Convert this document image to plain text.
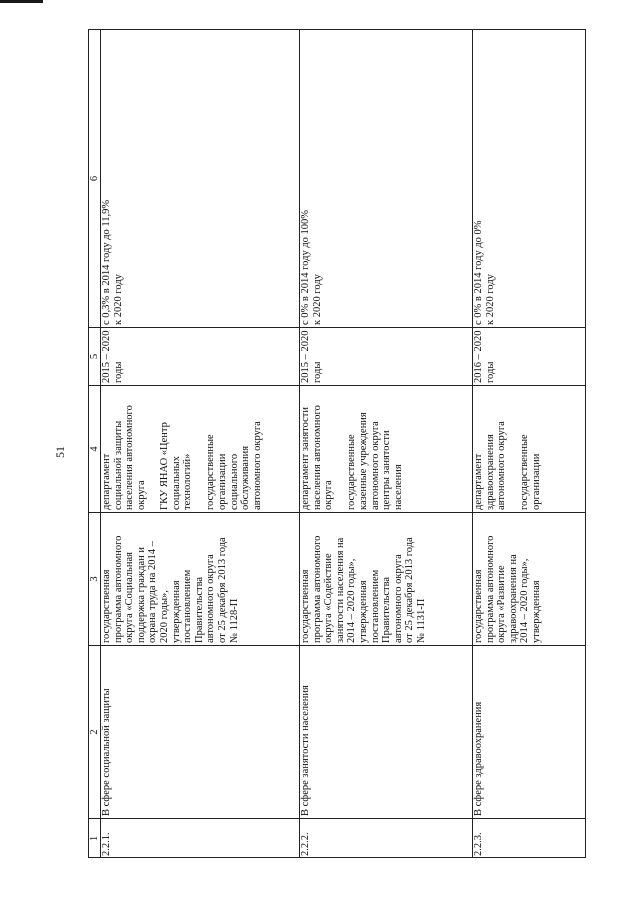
51
1
2
3
4
5
6
2.2.1.
В сфере социальной защиты
государственная программа автономного округа «Социальная поддержка граждан и охрана труда на 2014 – 2020 годы», утвержденная постановлением Правительства автономного округа от 25 декабря 2013 года № 1128-П
департамент социальной защиты населения автономного округа ГКУ ЯНАО «Центр социальных технологий» государственные организации социального обслуживания автономного округа
2015 – 2020 годы
с 0,3% в 2014 году до 11,9% к 2020 году
2.2.2.
В сфере занятости населения
государственная программа автономного округа «Содействие занятости населения на 2014 – 2020 годы», утвержденная постановлением Правительства автономного округа от 25 декабря 2013 года № 1131-П
департамент занятости населения автономного округа государственные казенные учреждения автономного округа центры занятости населения
2015 – 2020 годы
с 0% в 2014 году до 100% к 2020 году
2.2.3.
В сфере здравоохранения
государственная программа автономного округа «Развитие здравоохранения на 2014 – 2020 годы», утвержденная
департамент здравоохранения автономного округа государственные организации
2016 – 2020 годы
с 0% в 2014 году до 0% к 2020 году
